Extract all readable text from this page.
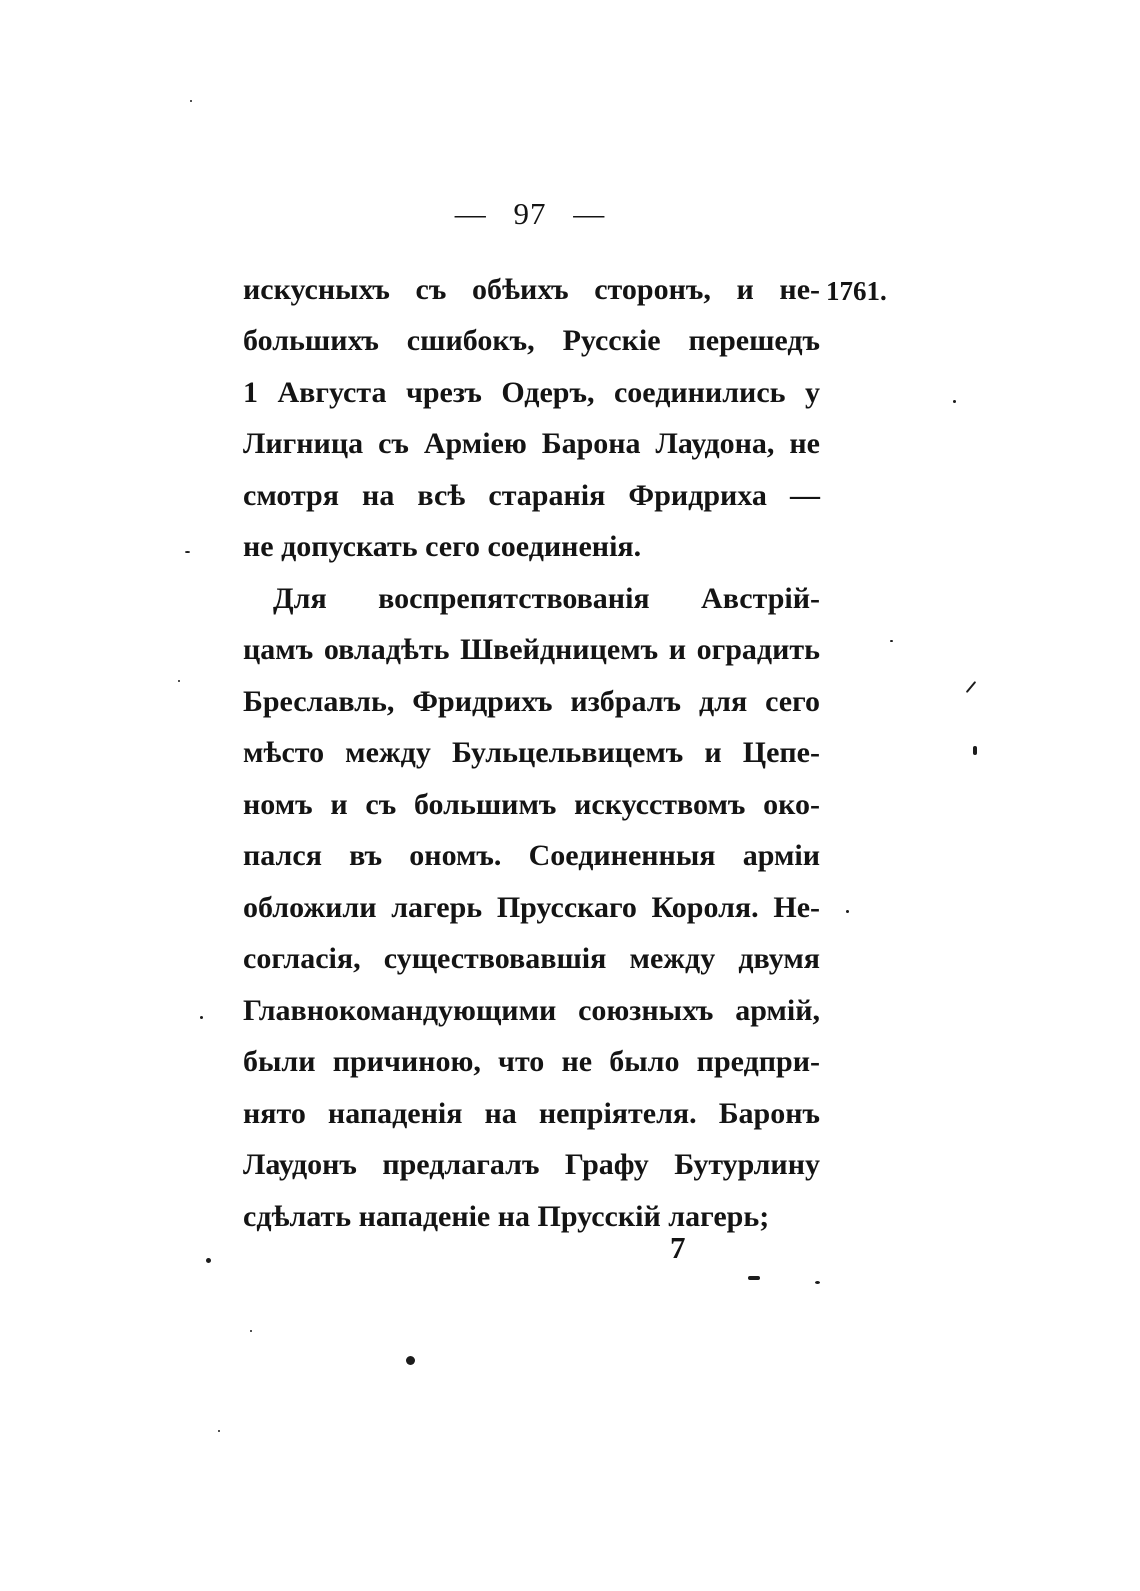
— 97 —
1761.
искусныхъ съ обѣихъ сторонъ, и не-
большихъ сшибокъ, Русскіе перешедъ
1 Августа чрезъ Одеръ, соединились у
Лигница съ Арміею Барона Лаудона, не
смотря на всѣ старанія Фридриха —
не допускать сего соединенія.
Для воспрепятствованія Австрій-
цамъ овладѣть Швейдницемъ и оградить
Бреславль, Фридрихъ избралъ для сего
мѣсто между Бульцельвицемъ и Цепе-
номъ и съ большимъ искусствомъ око-
пался въ ономъ. Соединенныя арміи
обложили лагерь Прусскаго Короля. Не-
согласія, существовавшія между двумя
Главнокомандующими союзныхъ армій,
были причиною, что не было предпри-
нято нападенія на непріятеля. Баронъ
Лаудонъ предлагалъ Графу Бутурлину
сдѣлать нападеніе на Прусскій лагерь;
7
